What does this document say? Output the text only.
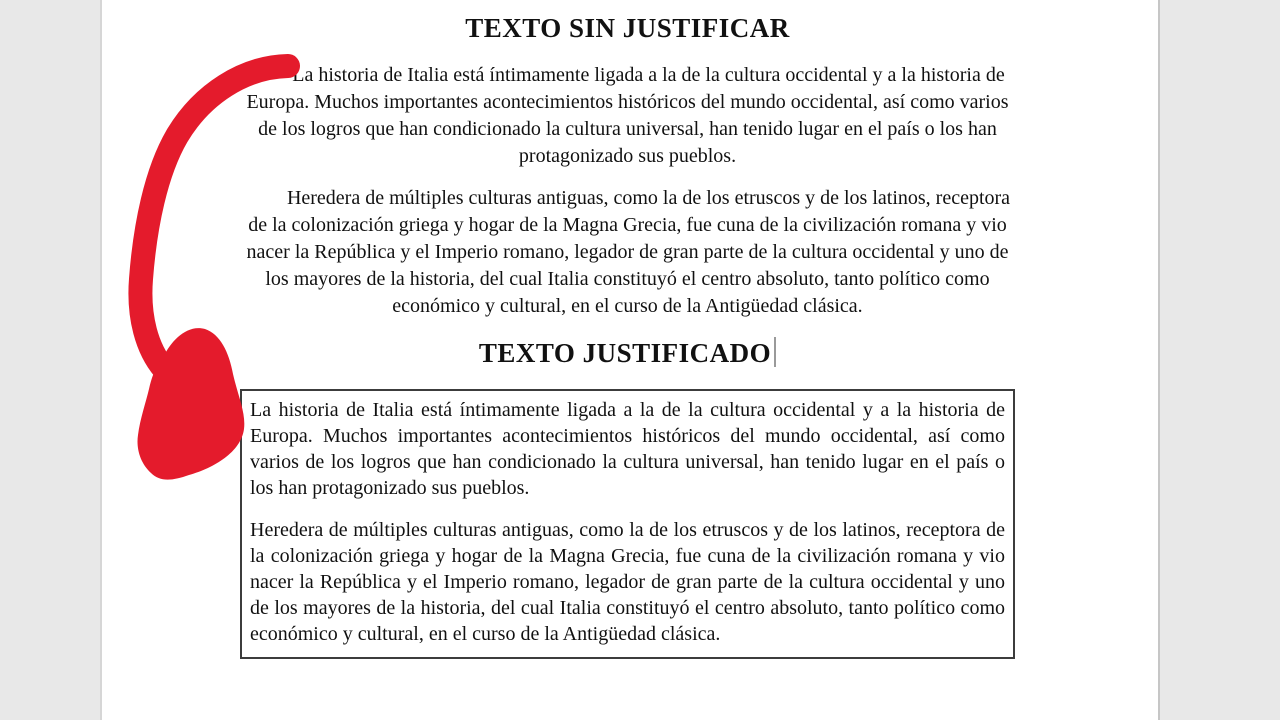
TEXTO SIN JUSTIFICAR

La historia de Italia está íntimamente ligada a la de la cultura occidental y a la historia de Europa. Muchos importantes acontecimientos históricos del mundo occidental, así como varios de los logros que han condicionado la cultura universal, han tenido lugar en el país o los han protagonizado sus pueblos.

Heredera de múltiples culturas antiguas, como la de los etruscos y de los latinos, receptora de la colonización griega y hogar de la Magna Grecia, fue cuna de la civilización romana y vio nacer la República y el Imperio romano, legador de gran parte de la cultura occidental y uno de los mayores de la historia, del cual Italia constituyó el centro absoluto, tanto político como económico y cultural, en el curso de la Antigüedad clásica.

TEXTO JUSTIFICADO

La historia de Italia está íntimamente ligada a la de la cultura occidental y a la historia de Europa. Muchos importantes acontecimientos históricos del mundo occidental, así como varios de los logros que han condicionado la cultura universal, han tenido lugar en el país o los han protagonizado sus pueblos.

Heredera de múltiples culturas antiguas, como la de los etruscos y de los latinos, receptora de la colonización griega y hogar de la Magna Grecia, fue cuna de la civilización romana y vio nacer la República y el Imperio romano, legador de gran parte de la cultura occidental y uno de los mayores de la historia, del cual Italia constituyó el centro absoluto, tanto político como económico y cultural, en el curso de la Antigüedad clásica.
